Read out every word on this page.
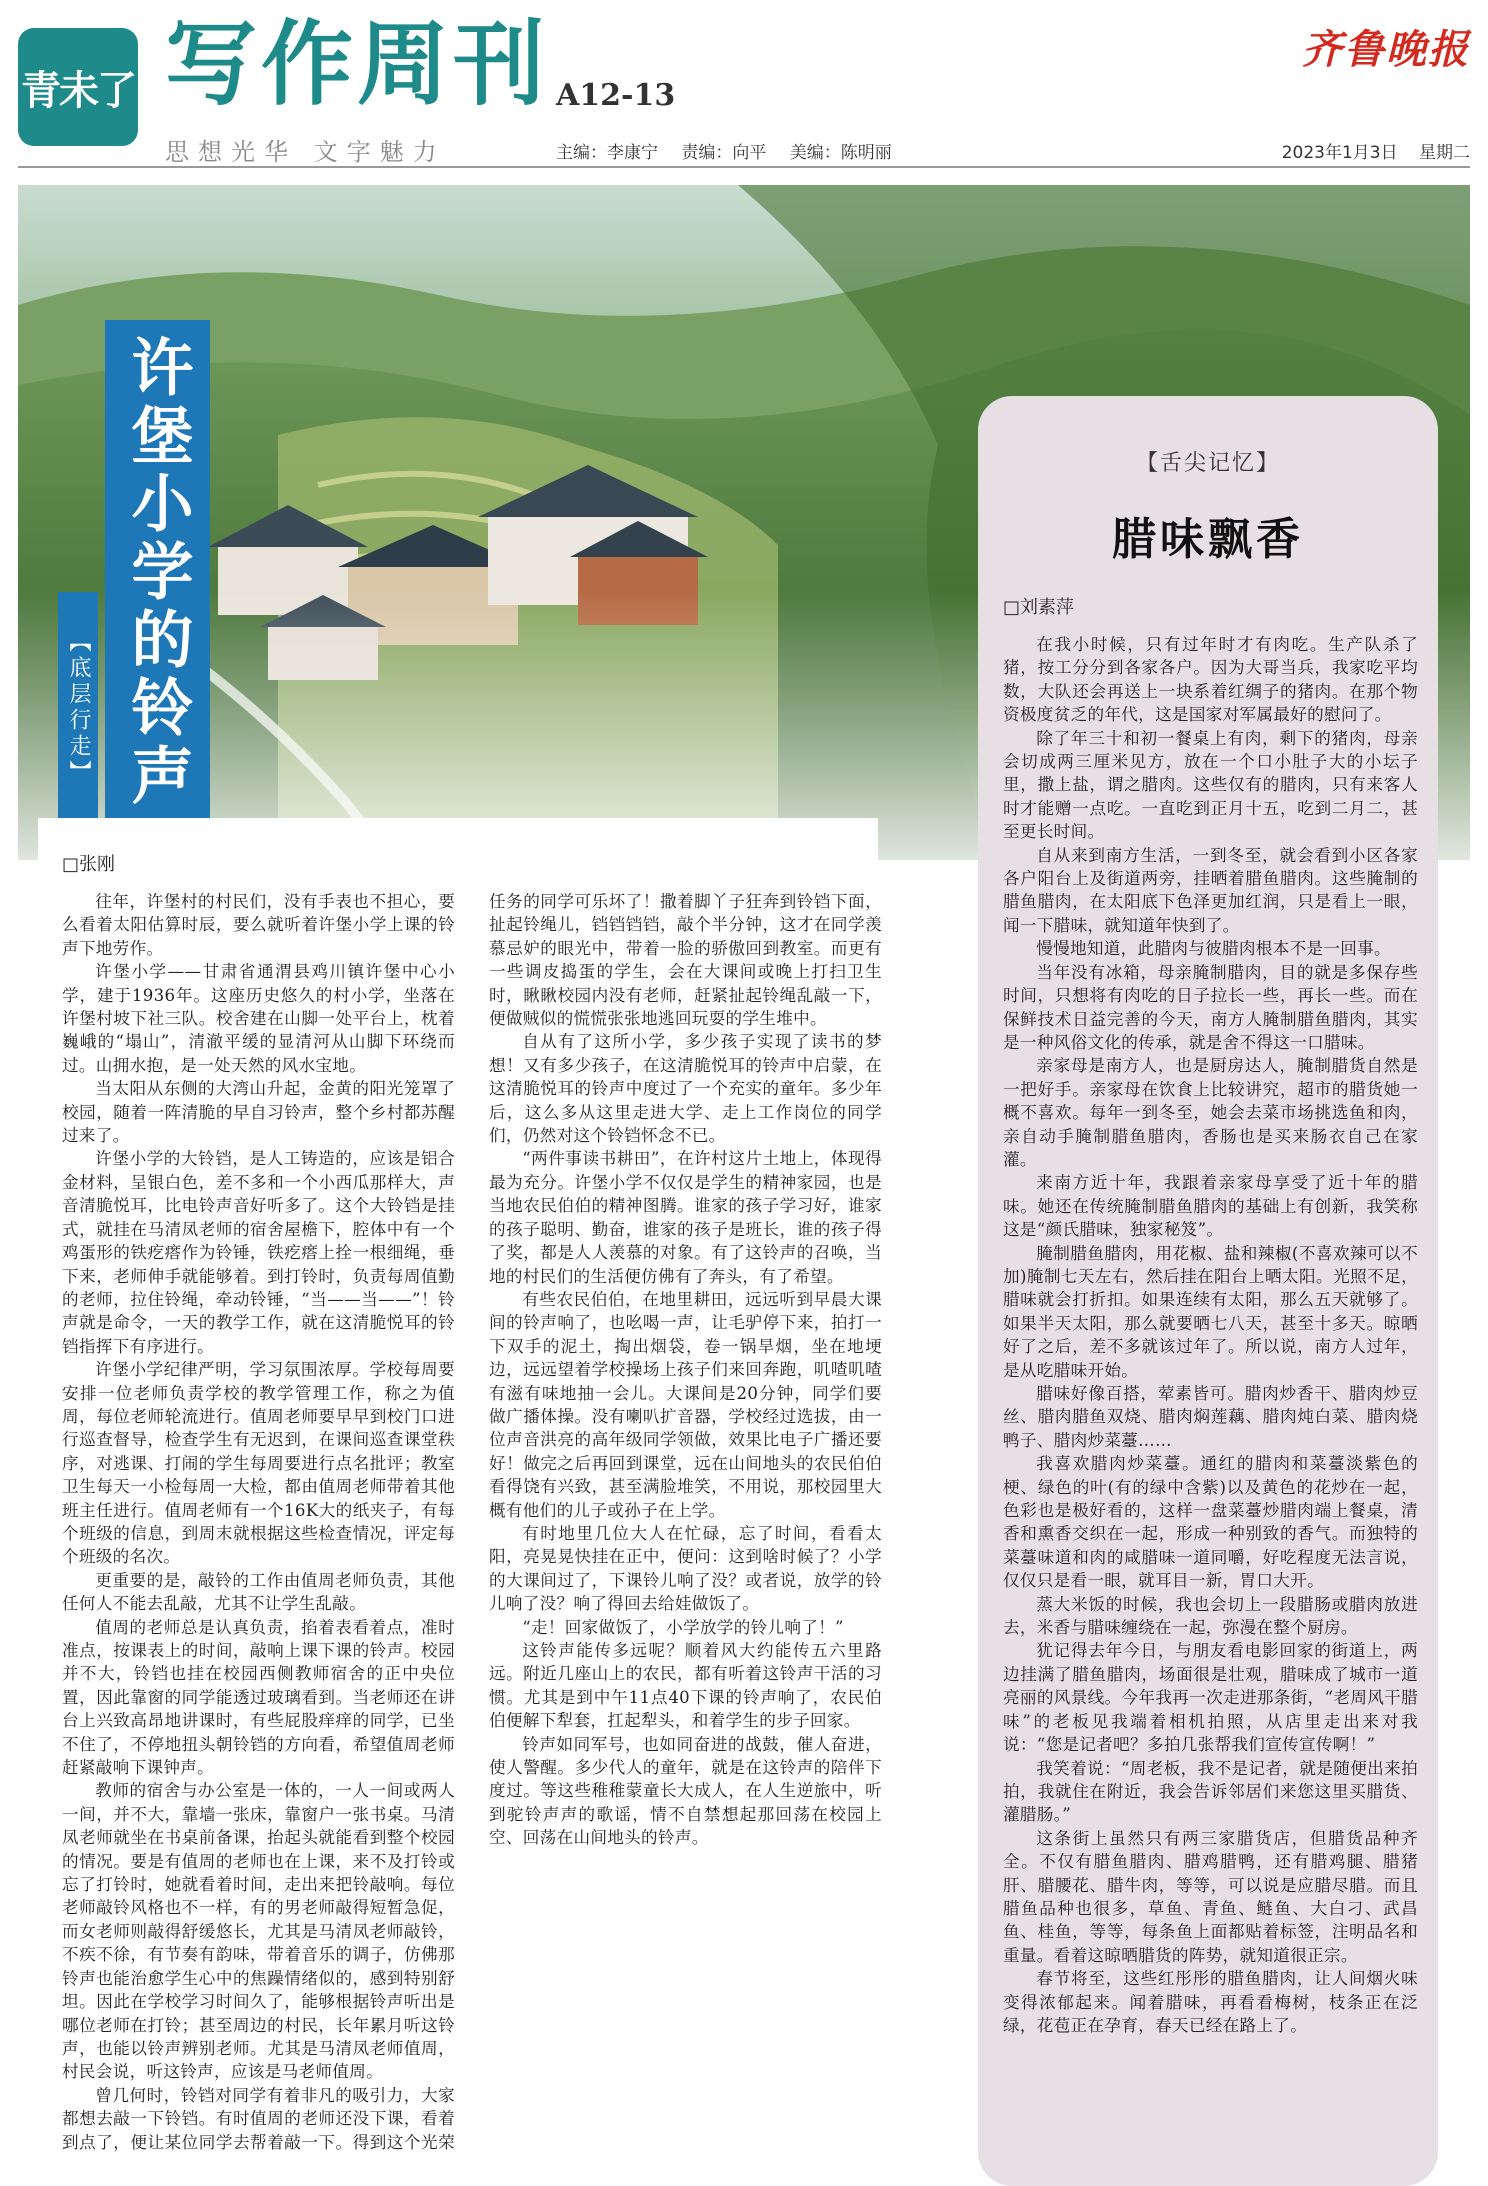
青未了 写作周刊 A12-13
齐鲁晚报
思想光华 文字魅力	主编：李康宁 责编：向平 美编：陈明丽	2023年1月3日 星期二
许堡小学的铃声
【底层行走】
□张刚

往年，许堡村的村民们，没有手表也不担心，要么看着太阳估算时辰，要么就听着许堡小学上课的铃声下地劳作。

许堡小学——甘肃省通渭县鸡川镇许堡中心小学，建于1936年。这座历史悠久的村小学，坐落在许堡村坡下社三队。校舍建在山脚一处平台上，枕着巍峨的“塌山”，清澈平缓的显清河从山脚下环绕而过。山拥水抱，是一处天然的风水宝地。

当太阳从东侧的大湾山升起，金黄的阳光笼罩了校园，随着一阵清脆的早自习铃声，整个乡村都苏醒过来了。

许堡小学的大铃铛，是人工铸造的，应该是铝合金材料，呈银白色，差不多和一个小西瓜那样大，声音清脆悦耳，比电铃声音好听多了。这个大铃铛是挂式，就挂在马清凤老师的宿舍屋檐下，腔体中有一个鸡蛋形的铁疙瘩作为铃锤，铁疙瘩上拴一根细绳，垂下来，老师伸手就能够着。到打铃时，负责每周值勤的老师，拉住铃绳，牵动铃锤，“当——当——”！铃声就是命令，一天的教学工作，就在这清脆悦耳的铃铛指挥下有序进行。

许堡小学纪律严明，学习氛围浓厚。学校每周要安排一位老师负责学校的教学管理工作，称之为值周，每位老师轮流进行。值周老师要早早到校门口进行巡查督导，检查学生有无迟到，在课间巡查课堂秩序，对逃课、打闹的学生每周要进行点名批评；教室卫生每天一小检每周一大检，都由值周老师带着其他班主任进行。值周老师有一个16K大的纸夹子，有每个班级的信息，到周末就根据这些检查情况，评定每个班级的名次。

更重要的是，敲铃的工作由值周老师负责，其他任何人不能去乱敲，尤其不让学生乱敲。

值周的老师总是认真负责，掐着表看着点，准时准点，按课表上的时间，敲响上课下课的铃声。校园并不大，铃铛也挂在校园西侧教师宿舍的正中央位置，因此靠窗的同学能透过玻璃看到。当老师还在讲台上兴致高昂地讲课时，有些屁股痒痒的同学，已坐不住了，不停地扭头朝铃铛的方向看，希望值周老师赶紧敲响下课钟声。

教师的宿舍与办公室是一体的，一人一间或两人一间，并不大，靠墙一张床，靠窗户一张书桌。马清凤老师就坐在书桌前备课，抬起头就能看到整个校园的情况。要是有值周的老师也在上课，来不及打铃或忘了打铃时，她就看着时间，走出来把铃敲响。每位老师敲铃风格也不一样，有的男老师敲得短暂急促，而女老师则敲得舒缓悠长，尤其是马清凤老师敲铃，不疾不徐，有节奏有韵味，带着音乐的调子，仿佛那铃声也能治愈学生心中的焦躁情绪似的，感到特别舒坦。因此在学校学习时间久了，能够根据铃声听出是哪位老师在打铃；甚至周边的村民，长年累月听这铃声，也能以铃声辨别老师。尤其是马清凤老师值周，村民会说，听这铃声，应该是马老师值周。

曾几何时，铃铛对同学有着非凡的吸引力，大家都想去敲一下铃铛。有时值周的老师还没下课，看着到点了，便让某位同学去帮着敲一下。得到这个光荣任务的同学可乐坏了！撒着脚丫子狂奔到铃铛下面，扯起铃绳儿，铛铛铛铛，敲个半分钟，这才在同学羡慕忌妒的眼光中，带着一脸的骄傲回到教室。而更有一些调皮捣蛋的学生，会在大课间或晚上打扫卫生时，瞅瞅校园内没有老师，赶紧扯起铃绳乱敲一下，便做贼似的慌慌张张地逃回玩耍的学生堆中。

自从有了这所小学，多少孩子实现了读书的梦想！又有多少孩子，在这清脆悦耳的铃声中启蒙，在这清脆悦耳的铃声中度过了一个充实的童年。多少年后，这么多从这里走进大学、走上工作岗位的同学们，仍然对这个铃铛怀念不已。

“两件事读书耕田”，在许村这片土地上，体现得最为充分。许堡小学不仅仅是学生的精神家园，也是当地农民伯伯的精神图腾。谁家的孩子学习好，谁家的孩子聪明、勤奋，谁家的孩子是班长，谁的孩子得了奖，都是人人羡慕的对象。有了这铃声的召唤，当地的村民们的生活便仿佛有了奔头，有了希望。

有些农民伯伯，在地里耕田，远远听到早晨大课间的铃声响了，也吆喝一声，让毛驴停下来，拍打一下双手的泥土，掏出烟袋，卷一锅旱烟，坐在地埂边，远远望着学校操场上孩子们来回奔跑，叽喳叽喳有滋有味地抽一会儿。大课间是20分钟，同学们要做广播体操。没有喇叭扩音器，学校经过选拔，由一位声音洪亮的高年级同学领做，效果比电子广播还要好！做完之后再回到课堂，远在山间地头的农民伯伯看得饶有兴致，甚至满脸堆笑，不用说，那校园里大概有他们的儿子或孙子在上学。

有时地里几位大人在忙碌，忘了时间，看看太阳，亮晃晃快挂在正中，便问：这到啥时候了？小学的大课间过了，下课铃儿响了没？或者说，放学的铃儿响了没？响了得回去给娃做饭了。

“走！回家做饭了，小学放学的铃儿响了！”

这铃声能传多远呢？顺着风大约能传五六里路远。附近几座山上的农民，都有听着这铃声干活的习惯。尤其是到中午11点40下课的铃声响了，农民伯伯便解下犁套，扛起犁头，和着学生的步子回家。

铃声如同军号，也如同奋进的战鼓，催人奋进，使人警醒。多少代人的童年，就是在这铃声的陪伴下度过。等这些稚稚蒙童长大成人，在人生逆旅中，听到驼铃声声的歌谣，情不自禁想起那回荡在校园上空、回荡在山间地头的铃声。

【舌尖记忆】
腊味飘香
□刘素萍

在我小时候，只有过年时才有肉吃。生产队杀了猪，按工分分到各家各户。因为大哥当兵，我家吃平均数，大队还会再送上一块系着红绸子的猪肉。在那个物资极度贫乏的年代，这是国家对军属最好的慰问了。

除了年三十和初一餐桌上有肉，剩下的猪肉，母亲会切成两三厘米见方，放在一个口小肚子大的小坛子里，撒上盐，谓之腊肉。这些仅有的腊肉，只有来客人时才能赠一点吃。一直吃到正月十五，吃到二月二，甚至更长时间。

自从来到南方生活，一到冬至，就会看到小区各家各户阳台上及街道两旁，挂晒着腊鱼腊肉。这些腌制的腊鱼腊肉，在太阳底下色泽更加红润，只是看上一眼，闻一下腊味，就知道年快到了。

慢慢地知道，此腊肉与彼腊肉根本不是一回事。

当年没有冰箱，母亲腌制腊肉，目的就是多保存些时间，只想将有肉吃的日子拉长一些，再长一些。而在保鲜技术日益完善的今天，南方人腌制腊鱼腊肉，其实是一种风俗文化的传承，就是舍不得这一口腊味。

亲家母是南方人，也是厨房达人，腌制腊货自然是一把好手。亲家母在饮食上比较讲究，超市的腊货她一概不喜欢。每年一到冬至，她会去菜市场挑选鱼和肉，亲自动手腌制腊鱼腊肉，香肠也是买来肠衣自己在家灌。

来南方近十年，我跟着亲家母享受了近十年的腊味。她还在传统腌制腊鱼腊肉的基础上有创新，我笑称这是“颜氏腊味，独家秘笈”。

腌制腊鱼腊肉，用花椒、盐和辣椒(不喜欢辣可以不加)腌制七天左右，然后挂在阳台上晒太阳。光照不足，腊味就会打折扣。如果连续有太阳，那么五天就够了。如果半天太阳，那么就要晒七八天，甚至十多天。晾晒好了之后，差不多就该过年了。所以说，南方人过年，是从吃腊味开始。

腊味好像百搭，荤素皆可。腊肉炒香干、腊肉炒豆丝、腊肉腊鱼双烧、腊肉焖莲藕、腊肉炖白菜、腊肉烧鸭子、腊肉炒菜薹……

我喜欢腊肉炒菜薹。通红的腊肉和菜薹淡紫色的梗、绿色的叶(有的绿中含紫)以及黄色的花炒在一起，色彩也是极好看的，这样一盘菜薹炒腊肉端上餐桌，清香和熏香交织在一起，形成一种别致的香气。而独特的菜薹味道和肉的咸腊味一道同嚼，好吃程度无法言说，仅仅只是看一眼，就耳目一新，胃口大开。

蒸大米饭的时候，我也会切上一段腊肠或腊肉放进去，米香与腊味缠绕在一起，弥漫在整个厨房。

犹记得去年今日，与朋友看电影回家的街道上，两边挂满了腊鱼腊肉，场面很是壮观，腊味成了城市一道亮丽的风景线。今年我再一次走进那条街，“老周风干腊味”的老板见我端着相机拍照，从店里走出来对我说：“您是记者吧？多拍几张帮我们宣传宣传啊！”

我笑着说：“周老板，我不是记者，就是随便出来拍拍，我就住在附近，我会告诉邻居们来您这里买腊货、灌腊肠。”

这条街上虽然只有两三家腊货店，但腊货品种齐全。不仅有腊鱼腊肉、腊鸡腊鸭，还有腊鸡腿、腊猪肝、腊腰花、腊牛肉，等等，可以说是应腊尽腊。而且腊鱼品种也很多，草鱼、青鱼、鲢鱼、大白刁、武昌鱼、桂鱼，等等，每条鱼上面都贴着标签，注明品名和重量。看着这晾晒腊货的阵势，就知道很正宗。

春节将至，这些红彤彤的腊鱼腊肉，让人间烟火味变得浓郁起来。闻着腊味，再看看梅树，枝条正在泛绿，花苞正在孕育，春天已经在路上了。
